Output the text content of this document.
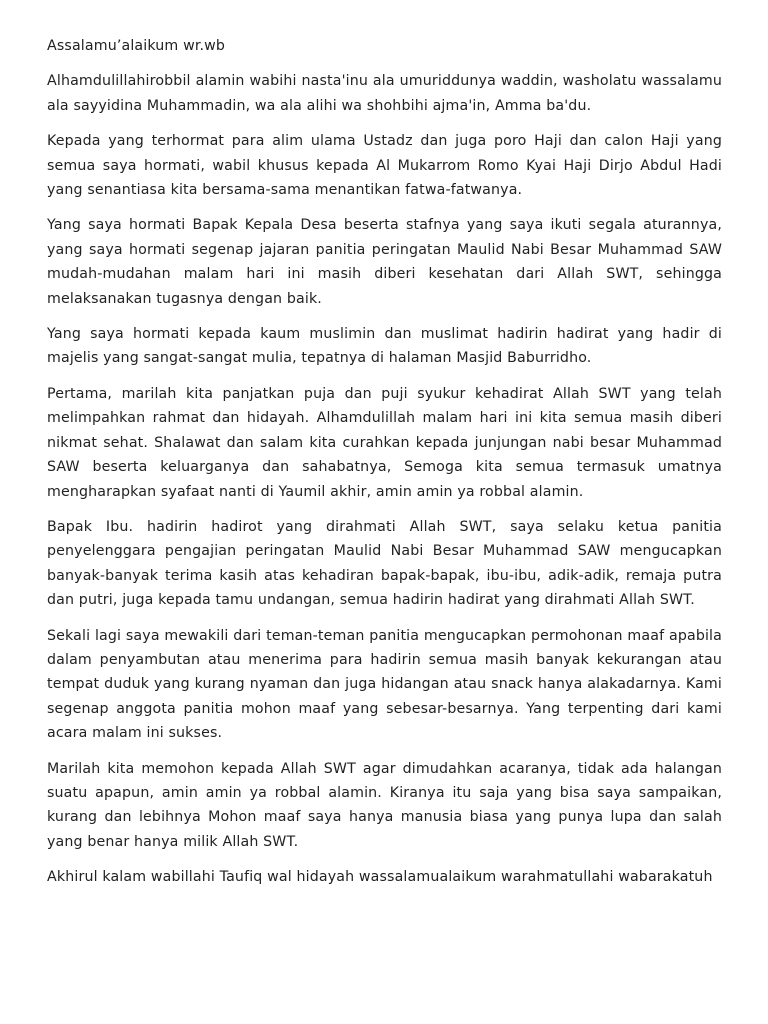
Assalamu’alaikum wr.wb

Alhamdulillahirobbil alamin wabihi nasta'inu ala umuriddunya waddin, washolatu wassalamu ala sayyidina Muhammadin, wa ala alihi wa shohbihi ajma'in, Amma ba'du.

Kepada yang terhormat para alim ulama Ustadz dan juga poro Haji dan calon Haji yang semua saya hormati, wabil khusus kepada Al Mukarrom Romo Kyai Haji Dirjo Abdul Hadi yang senantiasa kita bersama-sama menantikan fatwa-fatwanya.

Yang saya hormati Bapak Kepala Desa beserta stafnya yang saya ikuti segala aturannya, yang saya hormati segenap jajaran panitia peringatan Maulid Nabi Besar Muhammad SAW mudah-mudahan malam hari ini masih diberi kesehatan dari Allah SWT, sehingga melaksanakan tugasnya dengan baik.

Yang saya hormati kepada kaum muslimin dan muslimat hadirin hadirat yang hadir di majelis yang sangat-sangat mulia, tepatnya di halaman Masjid Baburridho.

Pertama, marilah kita panjatkan puja dan puji syukur kehadirat Allah SWT yang telah melimpahkan rahmat dan hidayah. Alhamdulillah malam hari ini kita semua masih diberi nikmat sehat. Shalawat dan salam kita curahkan kepada junjungan nabi besar Muhammad SAW beserta keluarganya dan sahabatnya, Semoga kita semua termasuk umatnya mengharapkan syafaat nanti di Yaumil akhir, amin amin ya robbal alamin.

Bapak Ibu. hadirin hadirot yang dirahmati Allah SWT, saya selaku ketua panitia penyelenggara pengajian peringatan Maulid Nabi Besar Muhammad SAW mengucapkan banyak-banyak terima kasih atas kehadiran bapak-bapak, ibu-ibu, adik-adik, remaja putra dan putri, juga kepada tamu undangan, semua hadirin hadirat yang dirahmati Allah SWT.

Sekali lagi saya mewakili dari teman-teman panitia mengucapkan permohonan maaf apabila dalam penyambutan atau menerima para hadirin semua masih banyak kekurangan atau tempat duduk yang kurang nyaman dan juga hidangan atau snack hanya alakadarnya. Kami segenap anggota panitia mohon maaf yang sebesar-besarnya. Yang terpenting dari kami acara malam ini sukses.

Marilah kita memohon kepada Allah SWT agar dimudahkan acaranya, tidak ada halangan suatu apapun, amin amin ya robbal alamin. Kiranya itu saja yang bisa saya sampaikan, kurang dan lebihnya Mohon maaf saya hanya manusia biasa yang punya lupa dan salah yang benar hanya milik Allah SWT.

Akhirul kalam wabillahi Taufiq wal hidayah wassalamualaikum warahmatullahi wabarakatuh
